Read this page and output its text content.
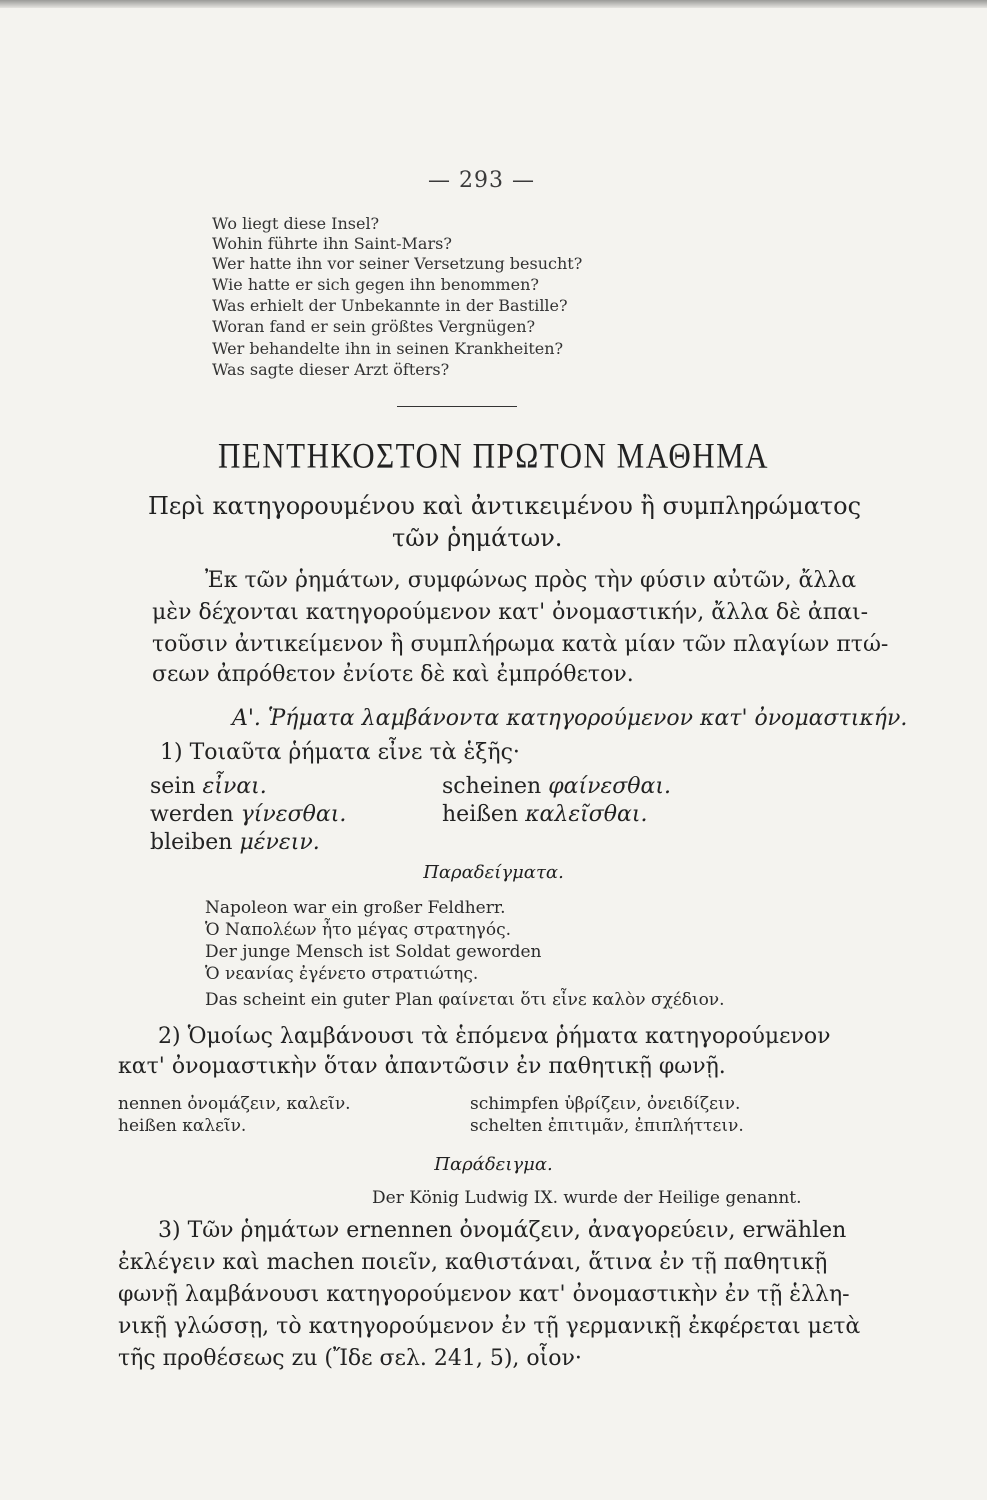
— 293 —
Wo liegt diese Insel?
Wohin führte ihn Saint-Mars?
Wer hatte ihn vor seiner Versetzung besucht?
Wie hatte er sich gegen ihn benommen?
Was erhielt der Unbekannte in der Bastille?
Woran fand er sein größtes Vergnügen?
Wer behandelte ihn in seinen Krankheiten?
Was sagte dieser Arzt öfters?
ΠΕΝΤΗΚΟΣΤΟΝ ΠΡΩΤΟΝ ΜΑΘΗΜΑ
Περὶ κατηγορουμένου καὶ ἀντικειμένου ἢ συμπληρώματος
τῶν ῥημάτων.
Ἐκ τῶν ῥημάτων, συμφώνως πρὸς τὴν φύσιν αὐτῶν, ἄλλα
μὲν δέχονται κατηγορούμενον κατ' ὀνομαστικήν, ἄλλα δὲ ἀπαι-
τοῦσιν ἀντικείμενον ἢ συμπλήρωμα κατὰ μίαν τῶν πλαγίων πτώ-
σεων ἀπρόθετον ἐνίοτε δὲ καὶ ἐμπρόθετον.
Α'. Ῥήματα λαμβάνοντα κατηγορούμενον κατ' ὀνομαστικήν.
1) Τοιαῦτα ῥήματα εἶνε τὰ ἑξῆς·
sein εἶναι.
werden γίνεσθαι.
bleiben μένειν.
scheinen φαίνεσθαι.
heißen καλεῖσθαι.
Παραδείγματα.
Napoleon war ein großer Feldherr.
Ὁ Ναπολέων ἦτο μέγας στρατηγός.
Der junge Mensch ist Soldat geworden
Ὁ νεανίας ἐγένετο στρατιώτης.
Das scheint ein guter Plan φαίνεται ὅτι εἶνε καλὸν σχέδιον.
2) Ὁμοίως λαμβάνουσι τὰ ἑπόμενα ῥήματα κατηγορούμενον
κατ' ὀνομαστικὴν ὅταν ἀπαντῶσιν ἐν παθητικῇ φωνῇ.
nennen ὀνομάζειν, καλεῖν.
heißen καλεῖν.
schimpfen ὑβρίζειν, ὀνειδίζειν.
schelten ἐπιτιμᾶν, ἐπιπλήττειν.
Παράδειγμα.
Der König Ludwig IX. wurde der Heilige genannt.
3) Τῶν ῥημάτων ernennen ὀνομάζειν, ἀναγορεύειν, erwählen
ἐκλέγειν καὶ machen ποιεῖν, καθιστάναι, ἅτινα ἐν τῇ παθητικῇ
φωνῇ λαμβάνουσι κατηγορούμενον κατ' ὀνομαστικὴν ἐν τῇ ἑλλη-
νικῇ γλώσσῃ, τὸ κατηγορούμενον ἐν τῇ γερμανικῇ ἐκφέρεται μετὰ
τῆς προθέσεως zu (Ἴδε σελ. 241, 5), οἷον·
